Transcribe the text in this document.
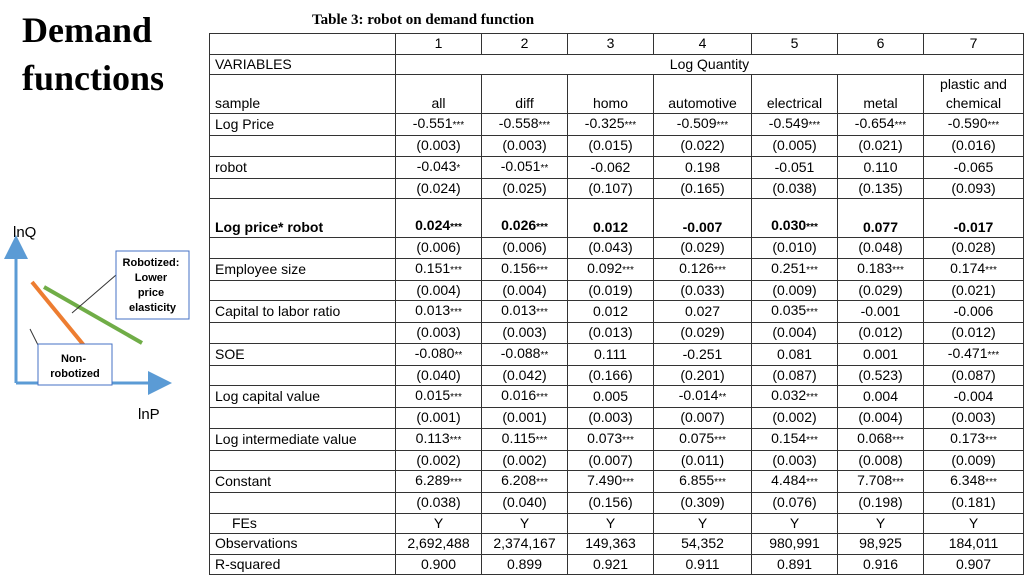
Demand functions

Table 3: robot on demand function

lnQ
lnP
Robotized: Lower price elasticity
Non- robotized
	1	2	3	4	5	6	7
VARIABLES	Log Quantity						
sample	all	diff	homo	automotive	electrical	metal	plastic and chemical
Log Price	-0.551***	-0.558***	-0.325***	-0.509***	-0.549***	-0.654***	-0.590***
	(0.003)	(0.003)	(0.015)	(0.022)	(0.005)	(0.021)	(0.016)
robot	-0.043*	-0.051**	-0.062	0.198	-0.051	0.110	-0.065
	(0.024)	(0.025)	(0.107)	(0.165)	(0.038)	(0.135)	(0.093)
Log price* robot	0.024***	0.026***	0.012	-0.007	0.030***	0.077	-0.017
	(0.006)	(0.006)	(0.043)	(0.029)	(0.010)	(0.048)	(0.028)
Employee size	0.151***	0.156***	0.092***	0.126***	0.251***	0.183***	0.174***
	(0.004)	(0.004)	(0.019)	(0.033)	(0.009)	(0.029)	(0.021)
Capital to labor ratio	0.013***	0.013***	0.012	0.027	0.035***	-0.001	-0.006
	(0.003)	(0.003)	(0.013)	(0.029)	(0.004)	(0.012)	(0.012)
SOE	-0.080**	-0.088**	0.111	-0.251	0.081	0.001	-0.471***
	(0.040)	(0.042)	(0.166)	(0.201)	(0.087)	(0.523)	(0.087)
Log capital value	0.015***	0.016***	0.005	-0.014**	0.032***	0.004	-0.004
	(0.001)	(0.001)	(0.003)	(0.007)	(0.002)	(0.004)	(0.003)
Log intermediate value	0.113***	0.115***	0.073***	0.075***	0.154***	0.068***	0.173***
	(0.002)	(0.002)	(0.007)	(0.011)	(0.003)	(0.008)	(0.009)
Constant	6.289***	6.208***	7.490***	6.855***	4.484***	7.708***	6.348***
	(0.038)	(0.040)	(0.156)	(0.309)	(0.076)	(0.198)	(0.181)
FEs	Y	Y	Y	Y	Y	Y	Y
Observations	2,692,488	2,374,167	149,363	54,352	980,991	98,925	184,011
R-squared	0.900	0.899	0.921	0.911	0.891	0.916	0.907
